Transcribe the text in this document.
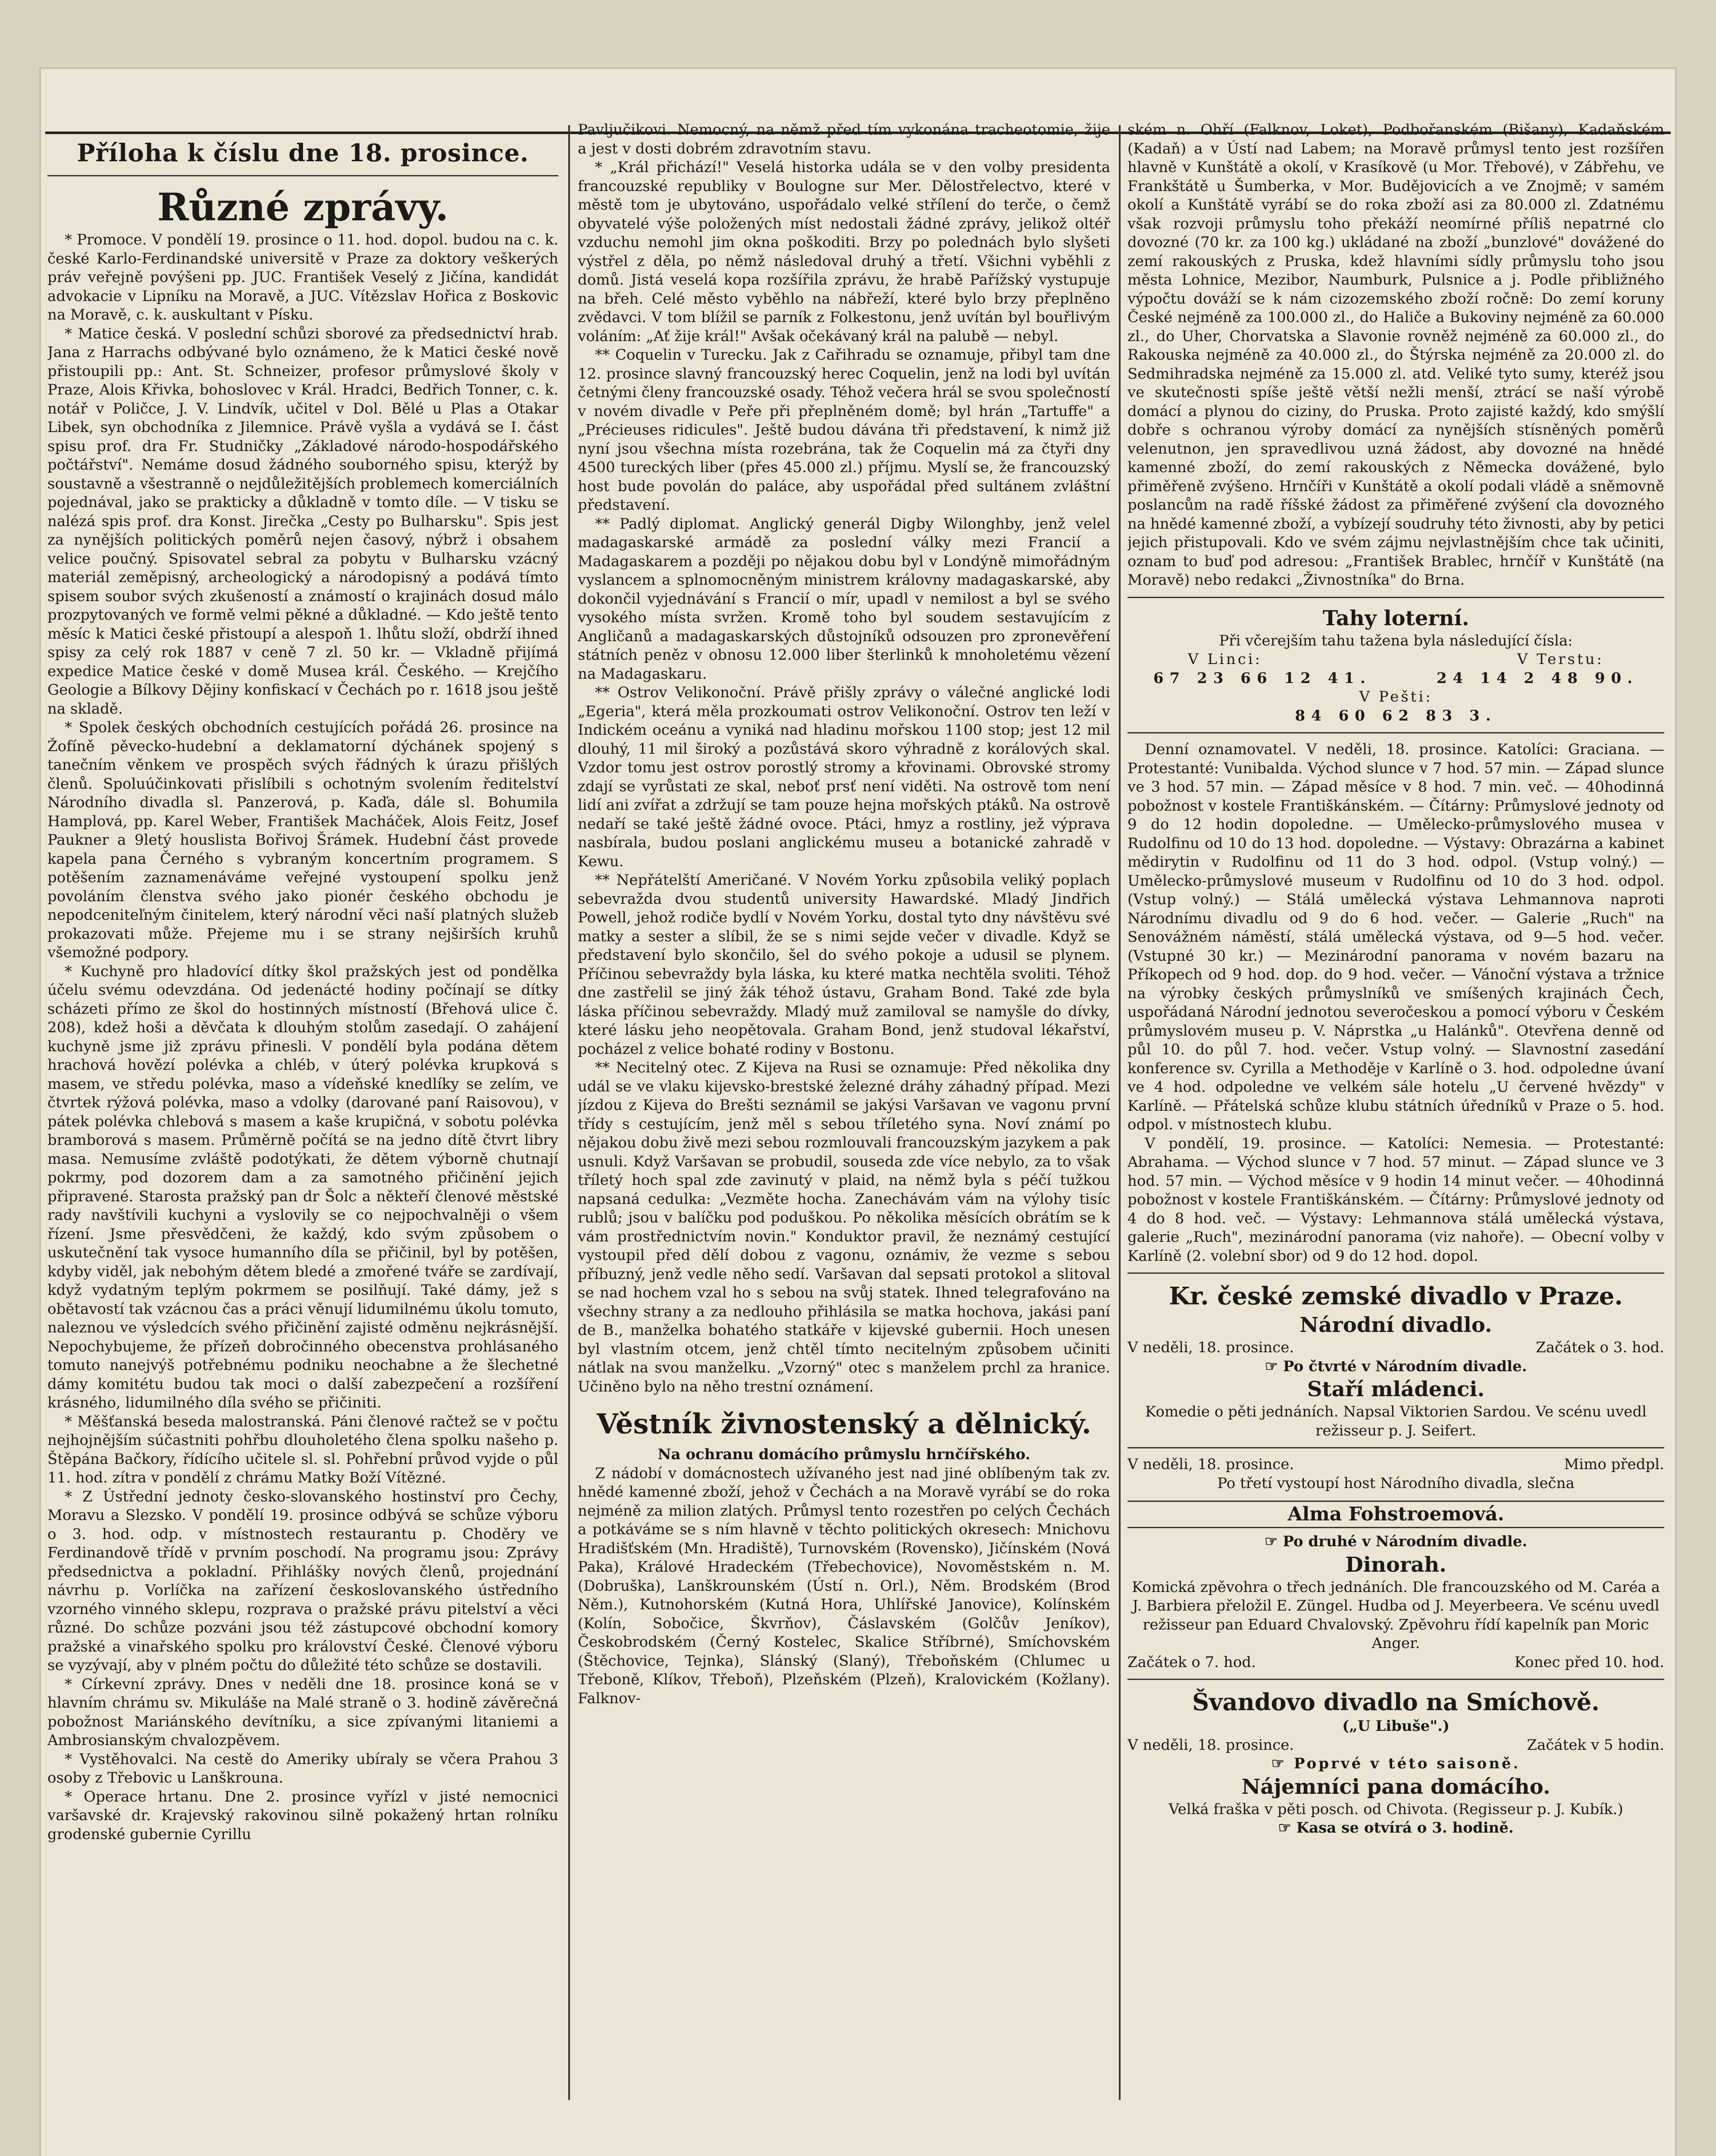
Příloha k číslu dne 18. prosince.
Různé zprávy.

* Promoce. V pondělí 19. prosince o 11. hod. dopol. budou na c. k. české Karlo-Ferdinandské universitě v Praze za doktory veškerých práv veřejně povýšeni pp. JUC. František Veselý z Jičína, kandidát advokacie v Lipníku na Moravě, a JUC. Vítězslav Hořica z Boskovic na Moravě, c. k. auskultant v Písku.

* Matice česká. V poslední schůzi sborové za předsednictví hrab. Jana z Harrachs odbývané bylo oznámeno, že k Matici české nově přistoupili pp.: Ant. St. Schneizer, profesor průmyslové školy v Praze, Alois Křivka, bohoslovec v Král. Hradci, Bedřich Tonner, c. k. notář v Poličce, J. V. Lindvík, učitel v Dol. Bělé u Plas a Otakar Libek, syn obchodníka z Jilemnice. Právě vyšla a vydává se I. část spisu prof. dra Fr. Studničky „Základové národo-hospodářského počtářství". Nemáme dosud žádného souborného spisu, kterýž by soustavně a všestranně o nejdůležitějších problemech komerciálních pojednával, jako se prakticky a důkladně v tomto díle. — V tisku se nalézá spis prof. dra Konst. Jirečka „Cesty po Bulharsku". Spis jest za nynějších politických poměrů nejen časový, nýbrž i obsahem velice poučný. Spisovatel sebral za pobytu v Bulharsku vzácný materiál zeměpisný, archeologický a národopisný a podává tímto spisem soubor svých zkušeností a známostí o krajinách dosud málo prozpytovaných ve formě velmi pěkné a důkladné. — Kdo ještě tento měsíc k Matici české přistoupí a alespoň 1. lhůtu složí, obdrží ihned spisy za celý rok 1887 v ceně 7 zl. 50 kr. — Vkladně přijímá expedice Matice české v domě Musea král. Českého. — Krejčího Geologie a Bílkovy Dějiny konfiskací v Čechách po r. 1618 jsou ještě na skladě.

* Spolek českých obchodních cestujících pořádá 26. prosince na Žofíně pěvecko-hudební a deklamatorní dýchánek spojený s tanečním věnkem ve prospěch svých řádných k úrazu přišlých členů. Spoluúčinkovati přislíbili s ochotným svolením ředitelství Národního divadla sl. Panzerová, p. Kaďa, dále sl. Bohumila Hamplová, pp. Karel Weber, František Macháček, Alois Feitz, Josef Paukner a 9letý houslista Bořivoj Šrámek. Hudební část provede kapela pana Černého s vybraným koncertním programem. S potěšením zaznamenáváme veřejné vystoupení spolku jenž povoláním členstva svého jako pionér českého obchodu je nepodceniteľným činitelem, který národní věci naší platných služeb prokazovati může. Přejeme mu i se strany nejširších kruhů všemožné podpory.

* Kuchyně pro hladovící dítky škol pražských jest od pondělka účelu svému odevzdána. Od jedenácté hodiny počínají se dítky scházeti přímo ze škol do hostinných místností (Břehová ulice č. 208), kdež hoši a děvčata k dlouhým stolům zasedají. O zahájení kuchyně jsme již zprávu přinesli. V pondělí byla podána dětem hrachová hovězí polévka a chléb, v úterý polévka krupková s masem, ve středu polévka, maso a vídeňské knedlíky se zelím, ve čtvrtek rýžová polévka, maso a vdolky (darované paní Raisovou), v pátek polévka chlebová s masem a kaše krupičná, v sobotu polévka bramborová s masem. Průměrně počítá se na jedno dítě čtvrt libry masa. Nemusíme zvláště podotýkati, že dětem výborně chutnají pokrmy, pod dozorem dam a za samotného přičinění jejich připravené. Starosta pražský pan dr Šolc a někteří členové městské rady navštívili kuchyni a vyslovily se co nejpochvalněji o všem řízení. Jsme přesvědčeni, že každý, kdo svým způsobem o uskutečnění tak vysoce humanního díla se přičinil, byl by potěšen, kdyby viděl, jak nebohým dětem bledé a zmořené tváře se zardívají, když vydatným teplým pokrmem se posilňují. Také dámy, jež s obětavostí tak vzácnou čas a práci věnují lidumilnému úkolu tomuto, naleznou ve výsledcích svého přičinění zajisté odměnu nejkrásnější. Nepochybujeme, že přízeň dobročinného obecenstva prohlásaného tomuto nanejvýš potřebnému podniku neochabne a že šlechetné dámy komitétu budou tak moci o další zabezpečení a rozšíření krásného, lidumilného díla svého se přičiniti.

* Měšťanská beseda malostranská. Páni členové račtež se v počtu nejhojnějším súčastniti pohřbu dlouholetého člena spolku našeho p. Štěpána Bačkory, řídícího učitele sl. sl. Pohřební průvod vyjde o půl 11. hod. zítra v pondělí z chrámu Matky Boží Vítězné.

* Z Ústřední jednoty česko-slovanského hostinství pro Čechy, Moravu a Slezsko. V pondělí 19. prosince odbývá se schůze výboru o 3. hod. odp. v místnostech restaurantu p. Choděry ve Ferdinandově třídě v prvním poschodí. Na programu jsou: Zprávy předsednictva a pokladní. Přihlášky nových členů, projednání návrhu p. Vorlíčka na zařízení českoslovanského ústředního vzorného vinného sklepu, rozprava o pražské právu pitelství a věci různé. Do schůze pozváni jsou též zástupcové obchodní komory pražské a vinařského spolku pro království České. Členové výboru se vyzývají, aby v plném počtu do důležité této schůze se dostavili.

* Církevní zprávy. Dnes v neděli dne 18. prosince koná se v hlavním chrámu sv. Mikuláše na Malé straně o 3. hodině závěrečná pobožnost Mariánského devítníku, a sice zpívanými litaniemi a Ambrosianským chvalozpěvem.

* Vystěhovalci. Na cestě do Ameriky ubíraly se včera Prahou 3 osoby z Třebovic u Lanškrouna.

* Operace hrtanu. Dne 2. prosince vyřízl v jisté nemocnici varšavské dr. Krajevský rakovinou silně pokažený hrtan rolníku grodenské gubernie Cyrillu

Pavljučikovi. Nemocný, na němž před tím vykonána tracheotomie, žije a jest v dosti dobrém zdravotním stavu.

* „Král přichází!" Veselá historka udála se v den volby presidenta francouzské republiky v Boulogne sur Mer. Dělostřelectvo, které v městě tom je ubytováno, uspořádalo velké střílení do terče, o čemž obyvatelé výše položených míst nedostali žádné zprávy, jelikož oltéř vzduchu nemohl jim okna poškoditi. Brzy po polednách bylo slyšeti výstřel z děla, po němž následoval druhý a třetí. Všichni vyběhli z domů. Jistá veselá kopa rozšířila zprávu, že hrabě Pařížský vystupuje na břeh. Celé město vyběhlo na nábřeží, které bylo brzy přeplněno zvědavci. V tom blížil se parník z Folkestonu, jenž uvítán byl bouřlivým voláním: „Ať žije král!" Avšak očekávaný král na palubě — nebyl.

** Coquelin v Turecku. Jak z Cařihradu se oznamuje, přibyl tam dne 12. prosince slavný francouzský herec Coquelin, jenž na lodi byl uvítán četnými členy francouzské osady. Téhož večera hrál se svou společností v novém divadle v Peře při přeplněném domě; byl hrán „Tartuffe" a „Précieuses ridicules". Ještě budou dávána tři představení, k nimž již nyní jsou všechna místa rozebrána, tak že Coquelin má za čtyři dny 4500 tureckých liber (přes 45.000 zl.) příjmu. Myslí se, že francouzský host bude povolán do paláce, aby uspořádal před sultánem zvláštní představení.

** Padlý diplomat. Anglický generál Digby Wilonghby, jenž velel madagaskarské armádě za poslední války mezi Francií a Madagaskarem a později po nějakou dobu byl v Londýně mimořádným vyslancem a splnomocněným ministrem královny madagaskarské, aby dokončil vyjednávání s Francií o mír, upadl v nemilost a byl se svého vysokého místa svržen. Kromě toho byl soudem sestavujícím z Angličanů a madagaskarských důstojníků odsouzen pro zpronevěření státních peněz v obnosu 12.000 liber šterlinků k mnoholetému vězení na Madagaskaru.

** Ostrov Velikonoční. Právě přišly zprávy o válečné anglické lodi „Egeria", která měla prozkoumati ostrov Velikonoční. Ostrov ten leží v Indickém oceánu a vyniká nad hladinu mořskou 1100 stop; jest 12 mil dlouhý, 11 mil široký a pozůstává skoro výhradně z korálových skal. Vzdor tomu jest ostrov porostlý stromy a křovinami. Obrovské stromy zdají se vyrůstati ze skal, neboť prsť není viděti. Na ostrově tom není lidí ani zvířat a zdržují se tam pouze hejna mořských ptáků. Na ostrově nedaří se také ještě žádné ovoce. Ptáci, hmyz a rostliny, jež výprava nasbírala, budou poslani anglickému museu a botanické zahradě v Kewu.

** Nepřátelští Američané. V Novém Yorku způsobila veliký poplach sebevražda dvou studentů university Hawardské. Mladý Jindřich Powell, jehož rodiče bydlí v Novém Yorku, dostal tyto dny návštěvu své matky a sester a slíbil, že se s nimi sejde večer v divadle. Když se představení bylo skončilo, šel do svého pokoje a udusil se plynem. Příčinou sebevraždy byla láska, ku které matka nechtěla svoliti. Téhož dne zastřelil se jiný žák téhož ústavu, Graham Bond. Také zde byla láska příčinou sebevraždy. Mladý muž zamiloval se namyšle do dívky, které lásku jeho neopětovala. Graham Bond, jenž studoval lékařství, pocházel z velice bohaté rodiny v Bostonu.

** Necitelný otec. Z Kijeva na Rusi se oznamuje: Před několika dny udál se ve vlaku kijevsko-brestské železné dráhy záhadný případ. Mezi jízdou z Kijeva do Brešti seznámil se jakýsi Varšavan ve vagonu první třídy s cestujícím, jenž měl s sebou tříletého syna. Noví známí po nějakou dobu živě mezi sebou rozmlouvali francouzským jazykem a pak usnuli. Když Varšavan se probudil, souseda zde více nebylo, za to však tříletý hoch spal zde zavinutý v plaid, na němž byla s péčí tužkou napsaná cedulka: „Vezměte hocha. Zanechávám vám na výlohy tisíc rublů; jsou v balíčku pod poduškou. Po několika měsících obrátím se k vám prostřednictvím novin." Konduktor pravil, že neznámý cestující vystoupil před dělí dobou z vagonu, oznámiv, že vezme s sebou příbuzný, jenž vedle něho sedí. Varšavan dal sepsati protokol a slitoval se nad hochem vzal ho s sebou na svůj statek. Ihned telegrafováno na všechny strany a za nedlouho přihlásila se matka hochova, jakási paní de B., manželka bohatého statkáře v kijevské gubernii. Hoch unesen byl vlastním otcem, jenž chtěl tímto necitelným způsobem učiniti nátlak na svou manželku. „Vzorný" otec s manželem prchl za hranice. Učiněno bylo na něho trestní oznámení.

Věstník živnostenský a dělnický.

Na ochranu domácího průmyslu hrnčířského.

Z nádobí v domácnostech užívaného jest nad jiné oblíbeným tak zv. hnědé kamenné zboží, jehož v Čechách a na Moravě vyrábí se do roka nejméně za milion zlatých. Průmysl tento rozestřen po celých Čechách a potkáváme se s ním hlavně v těchto politických okresech: Mnichovu Hradišťském (Mn. Hradiště), Turnovském (Rovensko), Jičínském (Nová Paka), Králové Hradeckém (Třebechovice), Novoměstském n. M. (Dobruška), Lanškrounském (Ústí n. Orl.), Něm. Brodském (Brod Něm.), Kutnohorském (Kutná Hora, Uhlířské Janovice), Kolínském (Kolín, Sobočice, Škvrňov), Čáslavském (Golčův Jeníkov), Českobrodském (Černý Kostelec, Skalice Stříbrné), Smíchovském (Štěchovice, Tejnka), Slánský (Slaný), Třeboňském (Chlumec u Třeboně, Klíkov, Třeboň), Plzeňském (Plzeň), Kralovickém (Kožlany). Falknov-

ském n. Ohří (Falknov, Loket), Podbořanském (Bišany), Kadaňském (Kadaň) a v Ústí nad Labem; na Moravě průmysl tento jest rozšířen hlavně v Kunštátě a okolí, v Krasíkově (u Mor. Třebové), v Zábřehu, ve Frankštátě u Šumberka, v Mor. Budějovicích a ve Znojmě; v samém okolí a Kunštátě vyrábí se do roka zboží asi za 80.000 zl. Zdatnému však rozvoji průmyslu toho překáží neomírné příliš nepatrné clo dovozné (70 kr. za 100 kg.) ukládané na zboží „bunzlové" dovážené do zemí rakouských z Pruska, kdež hlavními sídly průmyslu toho jsou města Lohnice, Mezibor, Naumburk, Pulsnice a j. Podle přibližného výpočtu dováží se k nám cizozemského zboží ročně: Do zemí koruny České nejméně za 100.000 zl., do Haliče a Bukoviny nejméně za 60.000 zl., do Uher, Chorvatska a Slavonie rovněž nejméně za 60.000 zl., do Rakouska nejméně za 40.000 zl., do Štýrska nejméně za 20.000 zl. do Sedmihradska nejméně za 15.000 zl. atd. Veliké tyto sumy, kteréž jsou ve skutečnosti spíše ještě větší nežli menší, ztrácí se naší výrobě domácí a plynou do ciziny, do Pruska. Proto zajisté každý, kdo smýšlí dobře s ochranou výroby domácí za nynějších stísněných poměrů velenutnon, jen spravedlivou uzná žádost, aby dovozné na hnědé kamenné zboží, do zemí rakouských z Německa dovážené, bylo přiměřeně zvýšeno. Hrnčíři v Kunštátě a okolí podali vládě a sněmovně poslancům na radě říšské žádost za přiměřené zvýšení cla dovozného na hnědé kamenné zboží, a vybízejí soudruhy této živnosti, aby by petici jejich přistupovali. Kdo ve svém zájmu nejvlastnějším chce tak učiniti, oznam to buď pod adresou: „František Brablec, hrnčíř v Kunštátě (na Moravě) nebo redakci „Živnostníka" do Brna.

Tahy loterní.

Při včerejším tahu tažena byla následující čísla:

V Linci:	V Terstu:
67 23 66 12 41.	24 14 2 48 90.

V Pešti:

84 60 62 83 3.

Denní oznamovatel. V neděli, 18. prosince. Katolíci: Graciana. — Protestanté: Vunibalda. Východ slunce v 7 hod. 57 min. — Západ slunce ve 3 hod. 57 min. — Západ měsíce v 8 hod. 7 min. več. — 40hodinná pobožnost v kostele Františkánském. — Čítárny: Průmyslové jednoty od 9 do 12 hodin dopoledne. — Umělecko-průmyslového musea v Rudolfinu od 10 do 13 hod. dopoledne. — Výstavy: Obrazárna a kabinet mědirytin v Rudolfinu od 11 do 3 hod. odpol. (Vstup volný.) — Umělecko-průmyslové museum v Rudolfinu od 10 do 3 hod. odpol. (Vstup volný.) — Stálá umělecká výstava Lehmannova naproti Národnímu divadlu od 9 do 6 hod. večer. — Galerie „Ruch" na Senovážném náměstí, stálá umělecká výstava, od 9—5 hod. večer. (Vstupné 30 kr.) — Mezinárodní panorama v novém bazaru na Příkopech od 9 hod. dop. do 9 hod. večer. — Vánoční výstava a tržnice na výrobky českých průmyslníků ve smíšených krajinách Čech, uspořádaná Národní jednotou severočeskou a pomocí výboru v Českém průmyslovém museu p. V. Náprstka „u Halánků". Otevřena denně od půl 10. do půl 7. hod. večer. Vstup volný. — Slavnostní zasedání konference sv. Cyrilla a Methoděje v Karlíně o 3. hod. odpoledne úvaní ve 4 hod. odpoledne ve velkém sále hotelu „U červené hvězdy" v Karlíně. — Přátelská schůze klubu státních úředníků v Praze o 5. hod. odpol. v místnostech klubu.

V pondělí, 19. prosince. — Katolíci: Nemesia. — Protestanté: Abrahama. — Východ slunce v 7 hod. 57 minut. — Západ slunce ve 3 hod. 57 min. — Východ měsíce v 9 hodin 14 minut večer. — 40hodinná pobožnost v kostele Františkánském. — Čítárny: Průmyslové jednoty od 4 do 8 hod. več. — Výstavy: Lehmannova stálá umělecká výstava, galerie „Ruch", mezinárodní panorama (viz nahoře). — Obecní volby v Karlíně (2. volební sbor) od 9 do 12 hod. dopol.

Kr. české zemské divadlo v Praze.
Národní divadlo.
V neděli, 18. prosince.	Začátek o 3. hod.

☞ Po čtvrté v Národním divadle.

Staří mládenci.

Komedie o pěti jednáních. Napsal Viktorien Sardou. Ve scénu uvedl režisseur p. J. Seifert.

V neděli, 18. prosince.	Mimo předpl.

Po třetí vystoupí host Národního divadla, slečna

Alma Fohstroemová.

☞ Po druhé v Národním divadle.

Dinorah.

Komická zpěvohra o třech jednáních. Dle francouzského od M. Caréa a J. Barbiera přeložil E. Züngel. Hudba od J. Meyerbeera. Ve scénu uvedl režisseur pan Eduard Chvalovský. Zpěvohru řídí kapelník pan Moric Anger.

Začátek o 7. hod.	Konec před 10. hod.
Švandovo divadlo na Smíchově.

(„U Libuše".)

V neděli, 18. prosince.	Začátek v 5 hodin.

☞ Poprvé v této saisoně.

Nájemníci pana domácího.

Velká fraška v pěti posch. od Chivota. (Regisseur p. J. Kubík.)

☞ Kasa se otvírá o 3. hodině.
